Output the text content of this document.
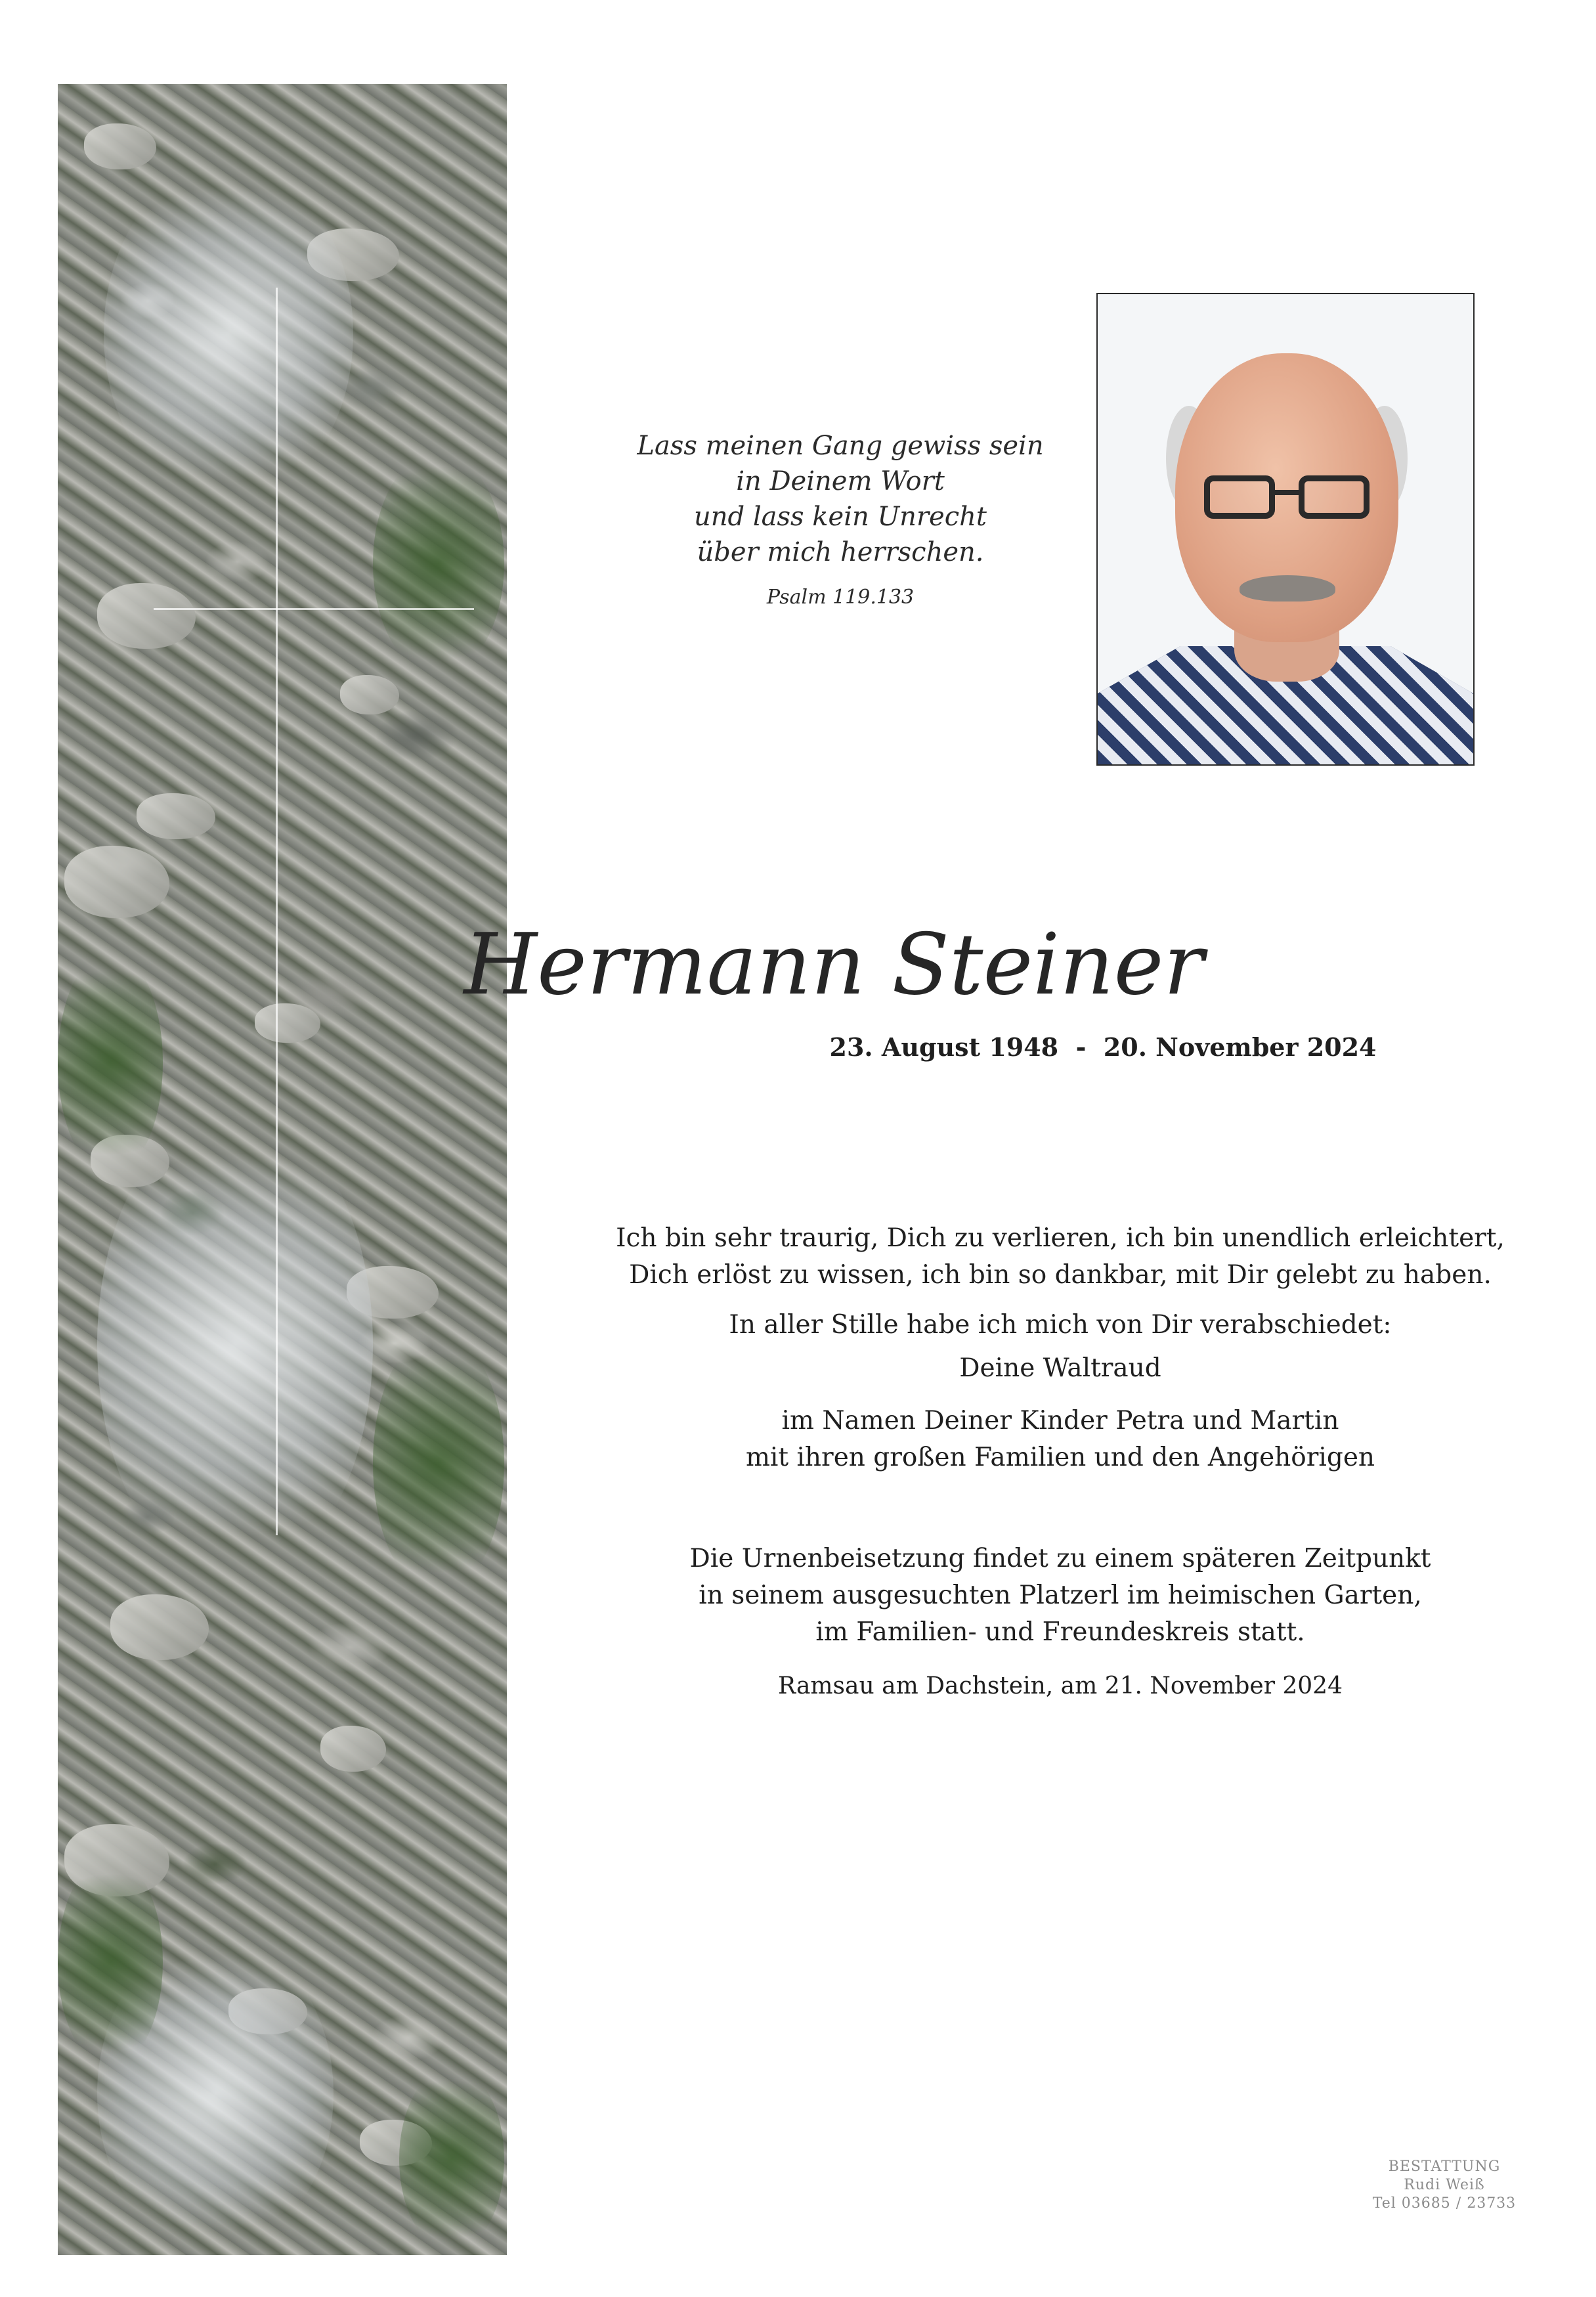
Lass meinen Gang gewiss sein
in Deinem Wort
und lass kein Unrecht
über mich herrschen.
Psalm 119.133
Hermann Steiner
23. August 1948  -  20. November 2024
Ich bin sehr traurig, Dich zu verlieren, ich bin unendlich erleichtert,
Dich erlöst zu wissen, ich bin so dankbar, mit Dir gelebt zu haben.
In aller Stille habe ich mich von Dir verabschiedet:
Deine Waltraud
im Namen Deiner Kinder Petra und Martin
mit ihren großen Familien und den Angehörigen
Die Urnenbeisetzung findet zu einem späteren Zeitpunkt
in seinem ausgesuchten Platzerl im heimischen Garten,
im Familien- und Freundeskreis statt.
Ramsau am Dachstein, am 21. November 2024
BESTATTUNG
Rudi Weiß
Tel 03685 / 23733
